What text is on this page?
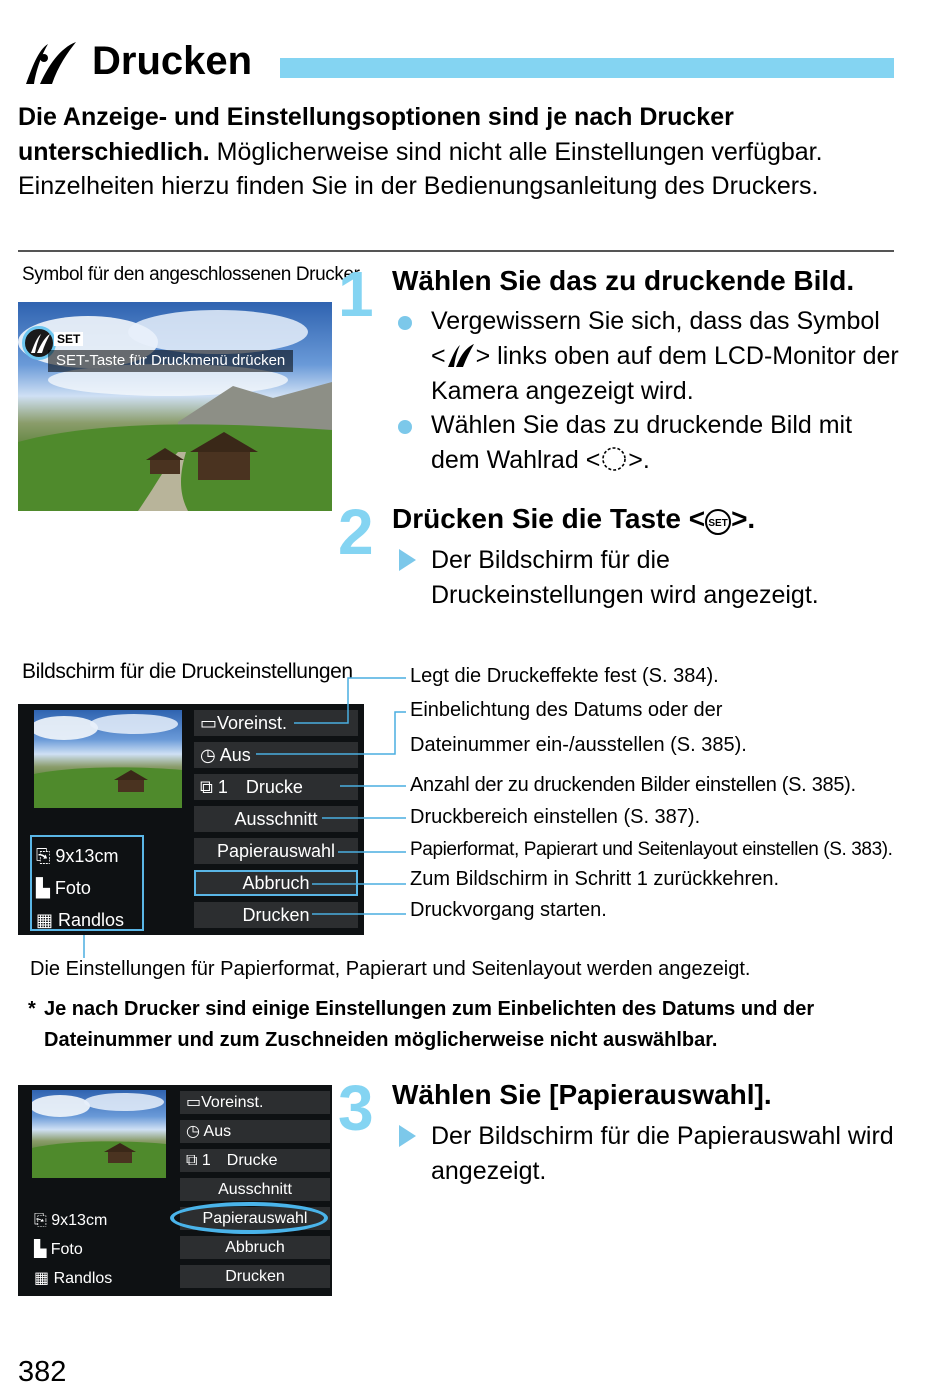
Drucken
Die Anzeige- und Einstellungsoptionen sind je nach Drucker unterschiedlich. Möglicherweise sind nicht alle Einstellungen verfügbar. Einzelheiten hierzu finden Sie in der Bedienungsanleitung des Druckers.
Symbol für den angeschlossenen Drucker
SET
SET-Taste für Druckmenü drücken
1 Wählen Sie das zu druckende Bild.
Vergewissern Sie sich, dass das Symbol < > links oben auf dem LCD-Monitor der Kamera angezeigt wird.
Wählen Sie das zu druckende Bild mit dem Wahlrad < >.
2 Drücken Sie die Taste < SET >.
Der Bildschirm für die Druckeinstellungen wird angezeigt.
Bildschirm für die Druckeinstellungen
▭Voreinst.
◷ Aus
⧉ 1 Drucke
Ausschnitt
Papierauswahl
Abbruch
Drucken
⎘ 9x13cm
▙ Foto
▦ Randlos
Legt die Druckeffekte fest (S. 384).
Einbelichtung des Datums oder der
Dateinummer ein-/ausstellen (S. 385).
Anzahl der zu druckenden Bilder einstellen (S. 385).
Druckbereich einstellen (S. 387).
Papierformat, Papierart und Seitenlayout einstellen (S. 383).
Zum Bildschirm in Schritt 1 zurückkehren.
Druckvorgang starten.
Die Einstellungen für Papierformat, Papierart und Seitenlayout werden angezeigt.
* Je nach Drucker sind einige Einstellungen zum Einbelichten des Datums und der Dateinummer und zum Zuschneiden möglicherweise nicht auswählbar.
▭Voreinst.
◷ Aus
⧉ 1 Drucke
Ausschnitt
Papierauswahl
Abbruch
Drucken
⎘ 9x13cm
▙ Foto
▦ Randlos
3 Wählen Sie [Papierauswahl].
Der Bildschirm für die Papierauswahl wird angezeigt.
382
